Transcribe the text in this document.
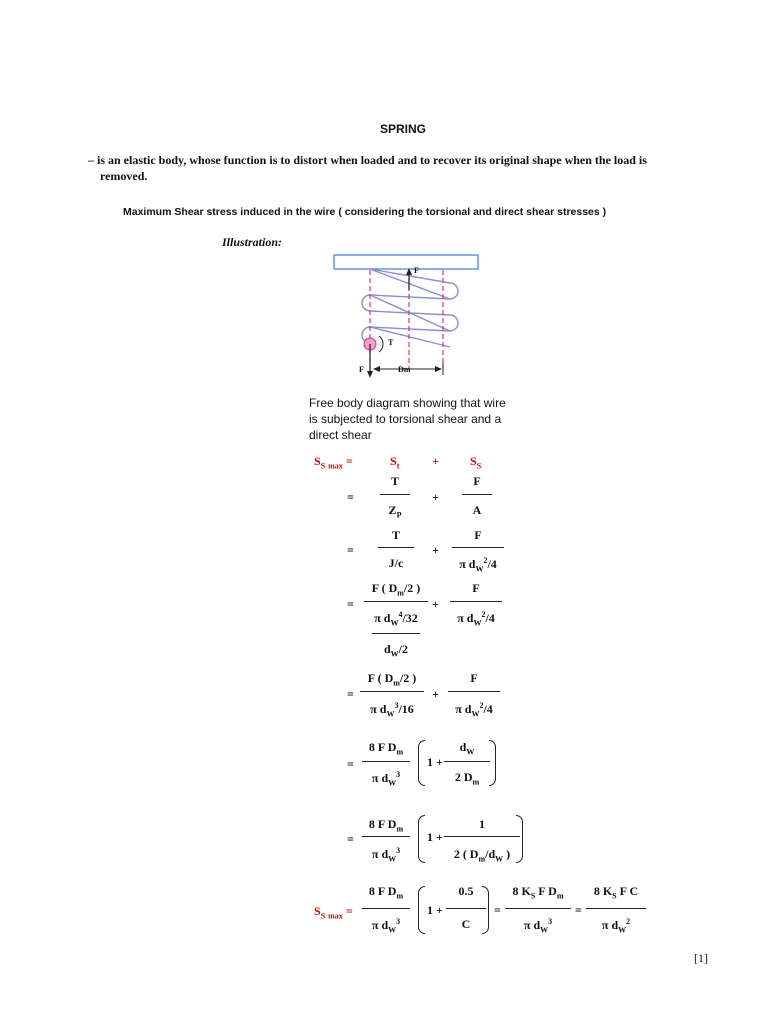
SPRING
– is an elastic body, whose function is to distort when loaded and to recover its original shape when the load is
removed.
Maximum Shear stress induced in the wire ( considering the torsional and direct shear stresses )
Illustration:
F
T
F	Dm
Free body diagram showing that wire
is subjected to torsional shear and a
direct shear
$S_S$ $_{max}$ =	$S_t$	+	$S_S$
=
T
$Z_P$
+
F
A
=
T
J/c
+
F
π $d_W^2/4$
=
F ( $D_m/2$ )
π $d_W^4/32$
$d_W/2$
+
F
π $d_W^2/4$
=
F ( $D_m/2$ )
π $d_W^3/16$
+
F
π $d_W^2/4$
=
8 F $D_m$
π $d_W^3$
1 +
$d_W$
2 $D_m$
=
8 F $D_m$
π $d_W^3$
1 +
1
2 ( $D_m/d_W$ )
$S_S$ $_{max}$ =
8 F $D_m$
π $d_W^3$
1 +
0.5
C
=
8 $K_S$ F $D_m$
π $d_W^3$
=
8 $K_S$ F C
π $d_W^2$
[1]
